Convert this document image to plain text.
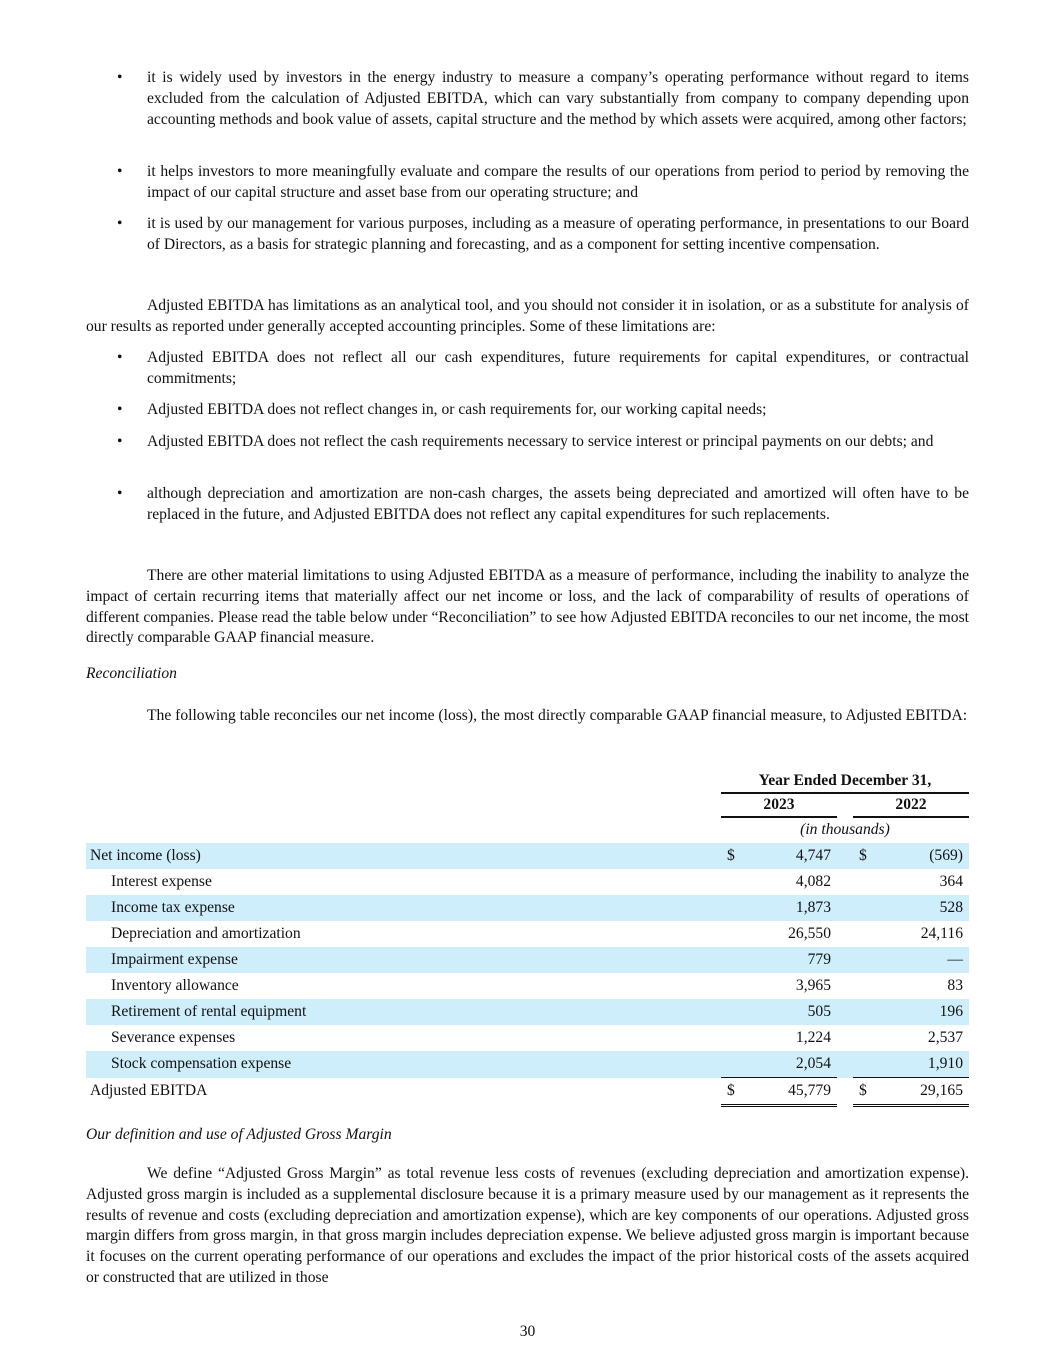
• it is widely used by investors in the energy industry to measure a company’s operating performance without regard to items excluded from the calculation of Adjusted EBITDA, which can vary substantially from company to company depending upon accounting methods and book value of assets, capital structure and the method by which assets were acquired, among other factors;
• it helps investors to more meaningfully evaluate and compare the results of our operations from period to period by removing the impact of our capital structure and asset base from our operating structure; and
• it is used by our management for various purposes, including as a measure of operating performance, in presentations to our Board of Directors, as a basis for strategic planning and forecasting, and as a component for setting incentive compensation.
Adjusted EBITDA has limitations as an analytical tool, and you should not consider it in isolation, or as a substitute for analysis of our results as reported under generally accepted accounting principles. Some of these limitations are:
• Adjusted EBITDA does not reflect all our cash expenditures, future requirements for capital expenditures, or contractual commitments;
• Adjusted EBITDA does not reflect changes in, or cash requirements for, our working capital needs;
• Adjusted EBITDA does not reflect the cash requirements necessary to service interest or principal payments on our debts; and
• although depreciation and amortization are non-cash charges, the assets being depreciated and amortized will often have to be replaced in the future, and Adjusted EBITDA does not reflect any capital expenditures for such replacements.
There are other material limitations to using Adjusted EBITDA as a measure of performance, including the inability to analyze the impact of certain recurring items that materially affect our net income or loss, and the lack of comparability of results of operations of different companies. Please read the table below under “Reconciliation” to see how Adjusted EBITDA reconciles to our net income, the most directly comparable GAAP financial measure.
Reconciliation
The following table reconciles our net income (loss), the most directly comparable GAAP financial measure, to Adjusted EBITDA:
	Year Ended December 31,				
	2023			2022	
	(in thousands)				
Net income (loss)	$	4,747		$	(569)
Interest expense		4,082			364
Income tax expense		1,873			528
Depreciation and amortization		26,550			24,116
Impairment expense		779			—
Inventory allowance		3,965			83
Retirement of rental equipment		505			196
Severance expenses		1,224			2,537
Stock compensation expense		2,054			1,910
Adjusted EBITDA	$	45,779		$	29,165
Our definition and use of Adjusted Gross Margin
We define “Adjusted Gross Margin” as total revenue less costs of revenues (excluding depreciation and amortization expense). Adjusted gross margin is included as a supplemental disclosure because it is a primary measure used by our management as it represents the results of revenue and costs (excluding depreciation and amortization expense), which are key components of our operations. Adjusted gross margin differs from gross margin, in that gross margin includes depreciation expense. We believe adjusted gross margin is important because it focuses on the current operating performance of our operations and excludes the impact of the prior historical costs of the assets acquired or constructed that are utilized in those
30
